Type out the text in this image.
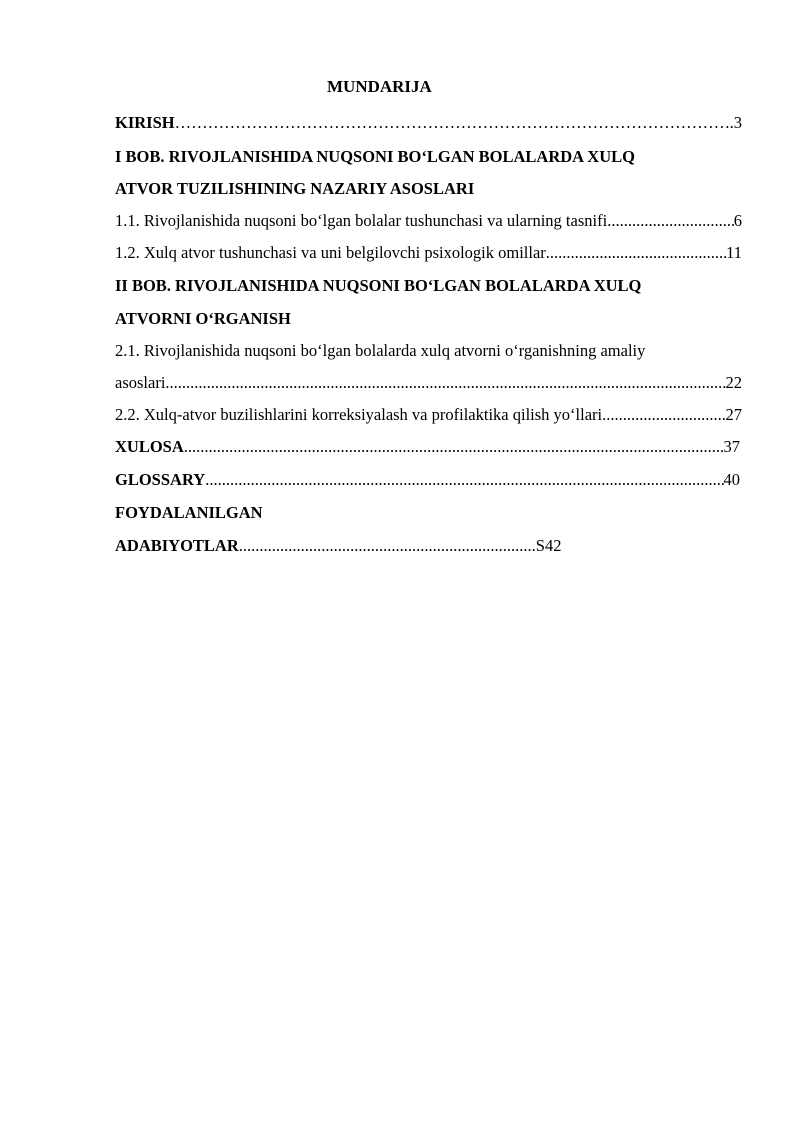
MUNDARIJA
KIRISH ……………………………………………………………………………………………………………………………………………………………………………………………………………………………………	.3
I BOB. RIVOJLANISHIDA NUQSONI BO‘LGAN BOLALARDA XULQ
ATVOR TUZILISHINING NAZARIY ASOSLARI
1.1. Rivojlanishida nuqsoni bo‘lgan bolalar tushunchasi va ularning tasnifi .....	6
1.2. Xulq atvor tushunchasi va uni belgilovchi psixologik omillar .....	11
II BOB. RIVOJLANISHIDA NUQSONI BO‘LGAN BOLALARDA XULQ
ATVORNI O‘RGANISH
2.1. Rivojlanishida nuqsoni bo‘lgan bolalarda xulq atvorni o‘rganishning amaliy
asoslari .....	22
2.2. Xulq-atvor buzilishlarini korreksiyalash va profilaktika qilish yo‘llari .....	27
XULOSA .....	37
GLOSSARY .....	40
FOYDALANILGAN
ADABIYOTLAR .....	S42
